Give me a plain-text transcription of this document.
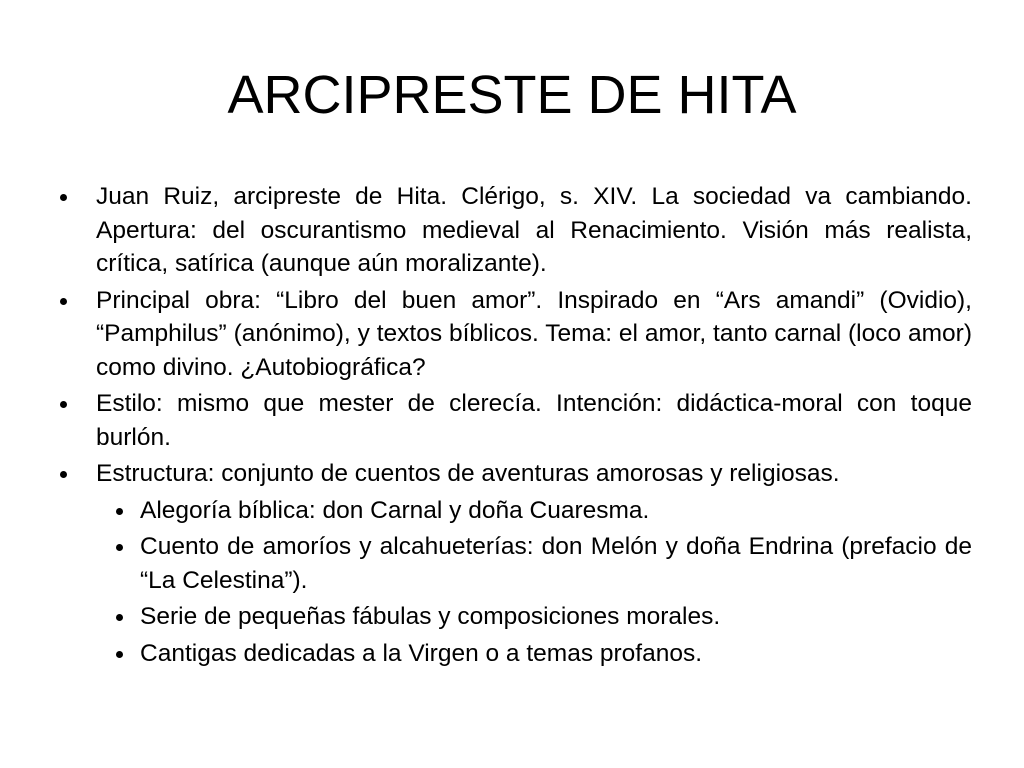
ARCIPRESTE DE HITA
Juan Ruiz, arcipreste de Hita. Clérigo, s. XIV. La sociedad va cambiando. Apertura: del oscurantismo medieval al Renacimiento. Visión más realista, crítica, satírica (aunque aún moralizante).
Principal obra: “Libro del buen amor”. Inspirado en “Ars amandi” (Ovidio), “Pamphilus” (anónimo), y textos bíblicos. Tema: el amor, tanto carnal (loco amor) como divino. ¿Autobiográfica?
Estilo: mismo que mester de clerecía. Intención: didáctica-moral con toque burlón.
Estructura: conjunto de cuentos de aventuras amorosas y religiosas.
Alegoría bíblica: don Carnal y doña Cuaresma.
Cuento de amoríos y alcahueterías: don Melón y doña Endrina (prefacio de “La Celestina”).
Serie de pequeñas fábulas y composiciones morales.
Cantigas dedicadas a la Virgen o a temas profanos.
